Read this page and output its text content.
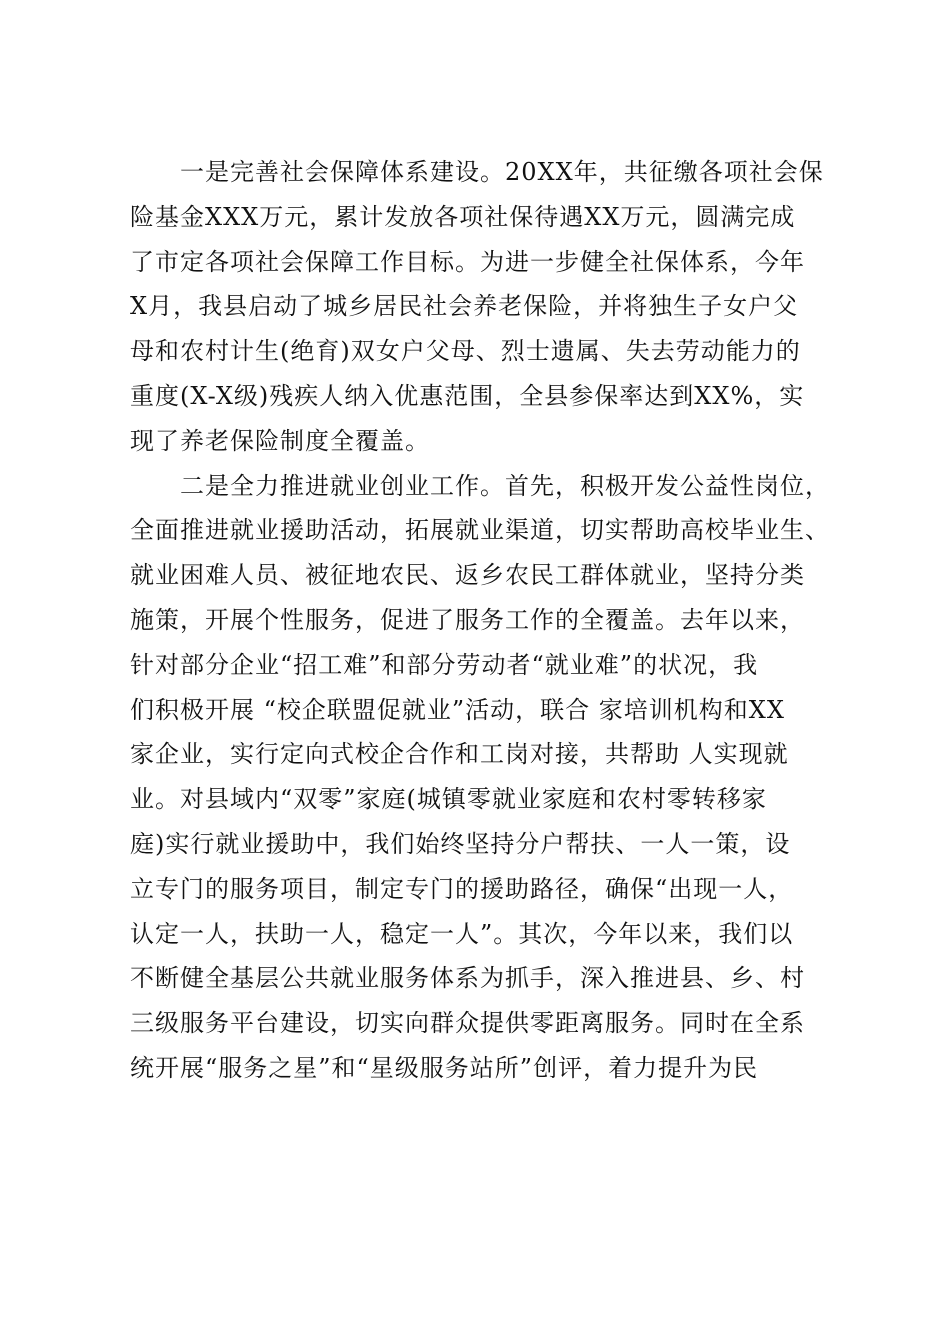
一是完善社会保障体系建设。20XX年，共征缴各项社会保
险基金XXX万元，累计发放各项社保待遇XX万元，圆满完成
了市定各项社会保障工作目标。为进一步健全社保体系，今年
X月，我县启动了城乡居民社会养老保险，并将独生子女户父
母和农村计生(绝育)双女户父母、烈士遗属、失去劳动能力的
重度(X-X级)残疾人纳入优惠范围，全县参保率达到XX%，实
现了养老保险制度全覆盖。
二是全力推进就业创业工作。首先，积极开发公益性岗位，
全面推进就业援助活动，拓展就业渠道，切实帮助高校毕业生、
就业困难人员、被征地农民、返乡农民工群体就业，坚持分类
施策，开展个性服务，促进了服务工作的全覆盖。去年以来，
针对部分企业“招工难”和部分劳动者“就业难”的状况，我
们积极开展 “校企联盟促就业”活动，联合 家培训机构和XX
家企业，实行定向式校企合作和工岗对接，共帮助 人实现就
业。对县域内“双零”家庭(城镇零就业家庭和农村零转移家
庭)实行就业援助中，我们始终坚持分户帮扶、一人一策，设
立专门的服务项目，制定专门的援助路径，确保“出现一人，
认定一人，扶助一人，稳定一人”。其次，今年以来，我们以
不断健全基层公共就业服务体系为抓手，深入推进县、乡、村
三级服务平台建设，切实向群众提供零距离服务。同时在全系
统开展“服务之星”和“星级服务站所”创评，着力提升为民
